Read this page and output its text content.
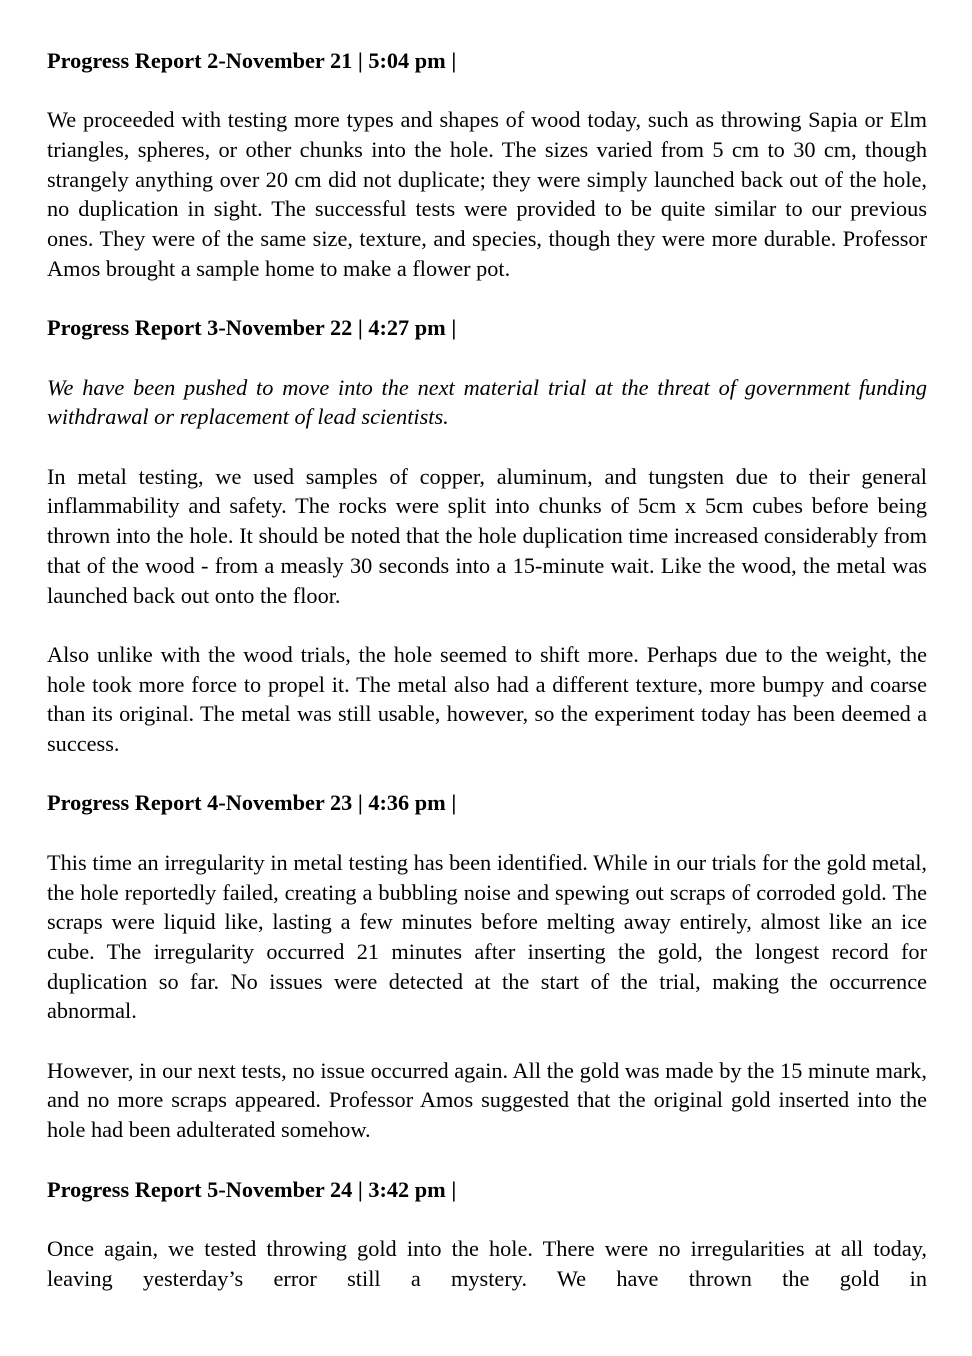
Progress Report 2-November 21 | 5:04 pm |

We proceeded with testing more types and shapes of wood today, such as throwing Sapia or Elm triangles, spheres, or other chunks into the hole. The sizes varied from 5 cm to 30 cm, though strangely anything over 20 cm did not duplicate; they were simply launched back out of the hole, no duplication in sight. The successful tests were provided to be quite similar to our previous ones. They were of the same size, texture, and species, though they were more durable. Professor Amos brought a sample home to make a flower pot.

Progress Report 3-November 22 | 4:27 pm |

We have been pushed to move into the next material trial at the threat of government funding withdrawal or replacement of lead scientists.

In metal testing, we used samples of copper, aluminum, and tungsten due to their general inflammability and safety. The rocks were split into chunks of 5cm x 5cm cubes before being thrown into the hole. It should be noted that the hole duplication time increased considerably from that of the wood - from a measly 30 seconds into a 15-minute wait. Like the wood, the metal was launched back out onto the floor.

Also unlike with the wood trials, the hole seemed to shift more. Perhaps due to the weight, the hole took more force to propel it. The metal also had a different texture, more bumpy and coarse than its original. The metal was still usable, however, so the experiment today has been deemed a success.

Progress Report 4-November 23 | 4:36 pm |

This time an irregularity in metal testing has been identified. While in our trials for the gold metal, the hole reportedly failed, creating a bubbling noise and spewing out scraps of corroded gold. The scraps were liquid like, lasting a few minutes before melting away entirely, almost like an ice cube. The irregularity occurred 21 minutes after inserting the gold, the longest record for duplication so far. No issues were detected at the start of the trial, making the occurrence abnormal.

However, in our next tests, no issue occurred again. All the gold was made by the 15 minute mark, and no more scraps appeared. Professor Amos suggested that the original gold inserted into the hole had been adulterated somehow.

Progress Report 5-November 24 | 3:42 pm |

Once again, we tested throwing gold into the hole. There were no irregularities at all today, leaving yesterday’s error still a mystery. We have thrown the gold in
